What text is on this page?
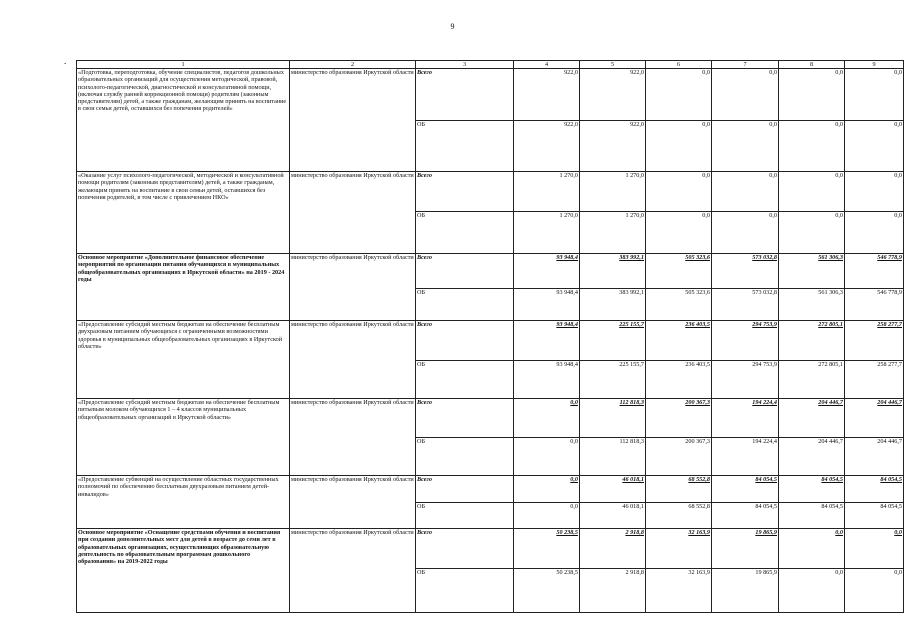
9
.	1	2	3	4	5	6	7	8	9
«Подготовка, переподготовка, обучение специалистов, педагогов дошкольных образовательных организаций для осуществления методической, правовой, психолого-педагогической, диагностической и консультативной помощи, (включая службу ранней коррекционной помощи) родителям (законным представителям) детей, а также гражданам, желающим принять на воспитание в свои семьи детей, оставшихся без попечения родителей»	министерство образования Иркутской области	Всего	922,0	922,0	0,0	0,0	0,0	0,0
		ОБ	922,0	922,0	0,0	0,0	0,0	0,0
«Оказание услуг психолого-педагогической, методической и консультативной помощи родителям (законным представителям) детей, а также гражданам, желающим принять на воспитание в свои семьи детей, оставшихся без попечения родителей, в том числе с привлечением НКО»	министерство образования Иркутской области	Всего	1 270,0	1 270,0	0,0	0,0	0,0	0,0
		ОБ	1 270,0	1 270,0	0,0	0,0	0,0	0,0
Основное мероприятие «Дополнительное финансовое обеспечение мероприятий по организации питания обучающихся в муниципальных общеобразовательных организациях в Иркутской области» на 2019 - 2024 годы	министерство образования Иркутской области	Всего	93 948,4	383 992,1	505 323,6	573 032,8	561 306,3	546 778,9
		ОБ	93 948,4	383 992,1	505 323,6	573 032,8	561 306,3	546 778,9
«Предоставление субсидий местным бюджетам на обеспечение бесплатным двухразовым питанием обучающихся с ограниченными возможностями здоровья в муниципальных общеобразовательных организациях в Иркутской области»	министерство образования Иркутской области	Всего	93 948,4	225 155,7	236 403,5	294 753,9	272 805,1	258 277,7
		ОБ	93 948,4	225 155,7	236 403,5	294 753,9	272 805,1	258 277,7
«Предоставление субсидий местным бюджетам на обеспечение бесплатным питьевым молоком обучающихся 1 – 4 классов муниципальных общеобразовательных организаций в Иркутской области»	министерство образования Иркутской области	Всего	0,0	112 818,3	200 367,3	194 224,4	204 446,7	204 446,7
		ОБ	0,0	112 818,3	200 367,3	194 224,4	204 446,7	204 446,7
«Предоставление субвенций на осуществление областных государственных полномочий по обеспечению бесплатным двухразовым питанием детей-инвалидов»	министерство образования Иркутской области	Всего	0,0	46 018,1	68 552,8	84 054,5	84 054,5	84 054,5
		ОБ	0,0	46 018,1	68 552,8	84 054,5	84 054,5	84 054,5
Основное мероприятие «Оснащение средствами обучения и воспитания при создании дополнительных мест для детей в возрасте до семи лет в образовательных организациях, осуществляющих образовательную деятельность по образовательным программам дошкольного образования» на 2019-2022 годы	министерство образования Иркутской области	Всего	50 238,5	2 918,8	32 163,9	19 865,9	0,0	0,0
		ОБ	50 238,5	2 918,8	32 163,9	19 865,9	0,0	0,0
